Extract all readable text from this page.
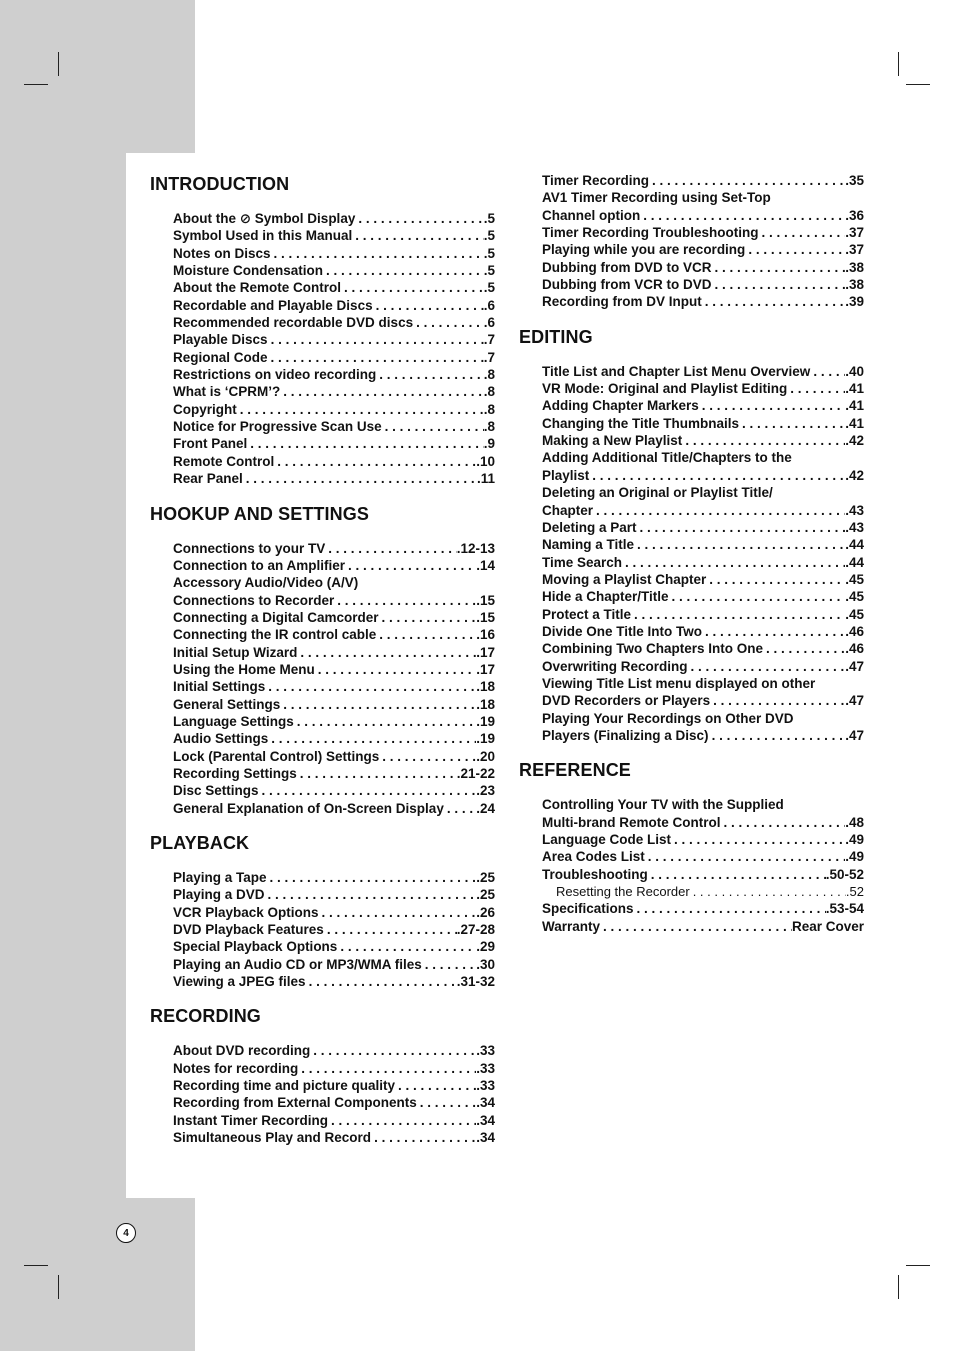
INTRODUCTION
About the ⊘ Symbol Display . . .	.5
Symbol Used in this Manual . . .	.5
Notes on Discs . . .	.5
Moisture Condensation . . .	.5
About the Remote Control . . .	.5
Recordable and Playable Discs . . .	.6
Recommended recordable DVD discs . . .	.6
Playable Discs . . .	.7
Regional Code . . .	.7
Restrictions on video recording . . .	.8
What is ‘CPRM’? . . .	.8
Copyright . . .	.8
Notice for Progressive Scan Use . . .	.8
Front Panel . . .	.9
Remote Control . . .	.10
Rear Panel . . .	.11
HOOKUP AND SETTINGS
Connections to your TV . . .	.12-13
Connection to an Amplifier . . .	.14
Accessory Audio/Video (A/V)
Connections to Recorder . . .	.15
Connecting a Digital Camcorder . . .	.15
Connecting the IR control cable . . .	.16
Initial Setup Wizard . . .	.17
Using the Home Menu . . .	.17
Initial Settings . . .	.18
General Settings . . .	.18
Language Settings . . .	.19
Audio Settings . . .	.19
Lock (Parental Control) Settings . . .	.20
Recording Settings . . .	.21-22
Disc Settings . . .	.23
General Explanation of On-Screen Display . . . .24
PLAYBACK
Playing a Tape . . .	.25
Playing a DVD . . .	.25
VCR Playback Options . . .	.26
DVD Playback Features . . .	.27-28
Special Playback Options . . .	.29
Playing an Audio CD or MP3/WMA files . . .	.30
Viewing a JPEG files . . .	.31-32
RECORDING
About DVD recording . . .	.33
Notes for recording . . .	.33
Recording time and picture quality . . .	.33
Recording from External Components . . .	.34
Instant Timer Recording . . .	.34
Simultaneous Play and Record . . .	.34
Timer Recording . . .	.35
AV1 Timer Recording using Set-Top
Channel option . . .	.36
Timer Recording Troubleshooting . . .	.37
Playing while you are recording . . .	.37
Dubbing from DVD to VCR . . .	.38
Dubbing from VCR to DVD . . .	.38
Recording from DV Input . . .	.39
EDITING
Title List and Chapter List Menu Overview . . .	.40
VR Mode: Original and Playlist Editing . . .	.41
Adding Chapter Markers . . .	.41
Changing the Title Thumbnails . . .	.41
Making a New Playlist . . .	.42
Adding Additional Title/Chapters to the
Playlist . . .	.42
Deleting an Original or Playlist Title/
Chapter . . .	.43
Deleting a Part . . .	.43
Naming a Title . . .	.44
Time Search . . .	.44
Moving a Playlist Chapter . . .	.45
Hide a Chapter/Title . . .	.45
Protect a Title . . .	.45
Divide One Title Into Two . . .	.46
Combining Two Chapters Into One . . .	.46
Overwriting Recording . . .	.47
Viewing Title List menu displayed on other
DVD Recorders or Players . . .	.47
Playing Your Recordings on Other DVD
Players (Finalizing a Disc) . . .	.47
REFERENCE
Controlling Your TV with the Supplied
Multi-brand Remote Control . . .	.48
Language Code List . . .	.49
Area Codes List . . .	.49
Troubleshooting . . .	.50-52
Resetting the Recorder . . .	.52
Specifications . . .	.53-54
Warranty . . .	Rear Cover
4
